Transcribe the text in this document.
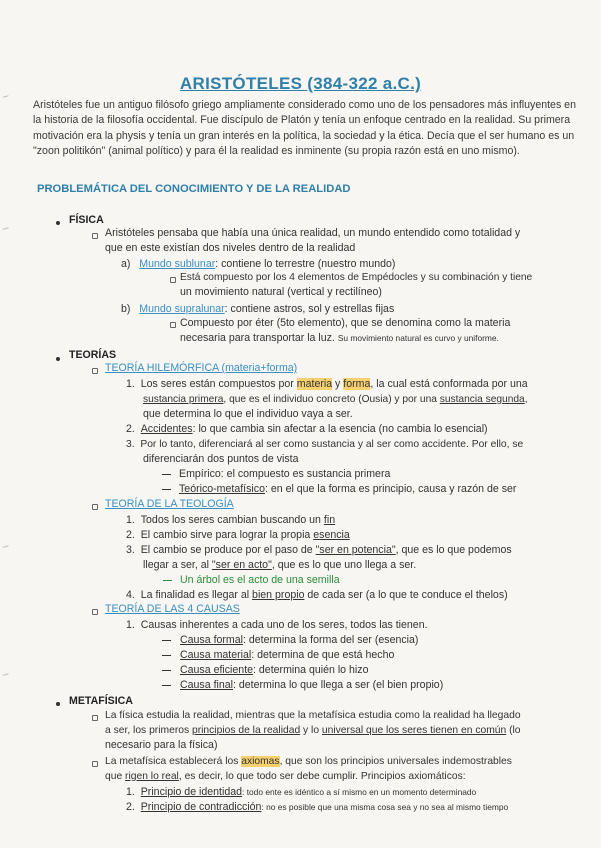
ARISTÓTELES (384-322 a.C.)
Aristóteles fue un antiguo filósofo griego ampliamente considerado como uno de los pensadores más influyentes en la historia de la filosofía occidental. Fue discípulo de Platón y tenía un enfoque centrado en la realidad. Su primera motivación era la physis y tenía un gran interés en la política, la sociedad y la ética. Decía que el ser humano es un "zoon politikón" (animal político) y para él la realidad es inminente (su propia razón está en uno mismo).
PROBLEMÁTICA DEL CONOCIMIENTO Y DE LA REALIDAD
FÍSICA
Aristóteles pensaba que había una única realidad, un mundo entendido como totalidad y
que en este existían dos niveles dentro de la realidad
a) Mundo sublunar: contiene lo terrestre (nuestro mundo)
Está compuesto por los 4 elementos de Empédocles y su combinación y tiene
un movimiento natural (vertical y rectilíneo)
b) Mundo supralunar: contiene astros, sol y estrellas fijas
Compuesto por éter (5to elemento), que se denomina como la materia
necesaria para transportar la luz. Su movimiento natural es curvo y uniforme.
TEORÍAS
TEORÍA HILEMÓRFICA (materia+forma)
1. Los seres están compuestos por materia y forma, la cual está conformada por una
sustancia primera, que es el individuo concreto (Ousia) y por una sustancia segunda,
que determina lo que el individuo vaya a ser.
2. Accidentes: lo que cambia sin afectar a la esencia (no cambia lo esencial)
3. Por lo tanto, diferenciará al ser como sustancia y al ser como accidente. Por ello, se
diferenciarán dos puntos de vista
Empírico: el compuesto es sustancia primera
Teórico-metafísico: en el que la forma es principio, causa y razón de ser
TEORÍA DE LA TEOLOGÍA
1. Todos los seres cambian buscando un fin
2. El cambio sirve para lograr la propia esencia
3. El cambio se produce por el paso de "ser en potencia", que es lo que podemos
llegar a ser, al "ser en acto", que es lo que uno llega a ser.
Un árbol es el acto de una semilla
4. La finalidad es llegar al bien propio de cada ser (a lo que te conduce el thelos)
TEORÍA DE LAS 4 CAUSAS
1. Causas inherentes a cada uno de los seres, todos las tienen.
Causa formal: determina la forma del ser (esencia)
Causa material: determina de que está hecho
Causa eficiente: determina quién lo hizo
Causa final: determina lo que llega a ser (el bien propio)
METAFÍSICA
La física estudia la realidad, mientras que la metafísica estudia como la realidad ha llegado
a ser, los primeros principios de la realidad y lo universal que los seres tienen en común (lo
necesario para la física)
La metafísica establecerá los axiomas, que son los principios universales indemostrables
que rigen lo real, es decir, lo que todo ser debe cumplir. Principios axiomáticos:
1. Principio de identidad: todo ente es idéntico a sí mismo en un momento determinado
2. Principio de contradicción: no es posible que una misma cosa sea y no sea al mismo tiempo
